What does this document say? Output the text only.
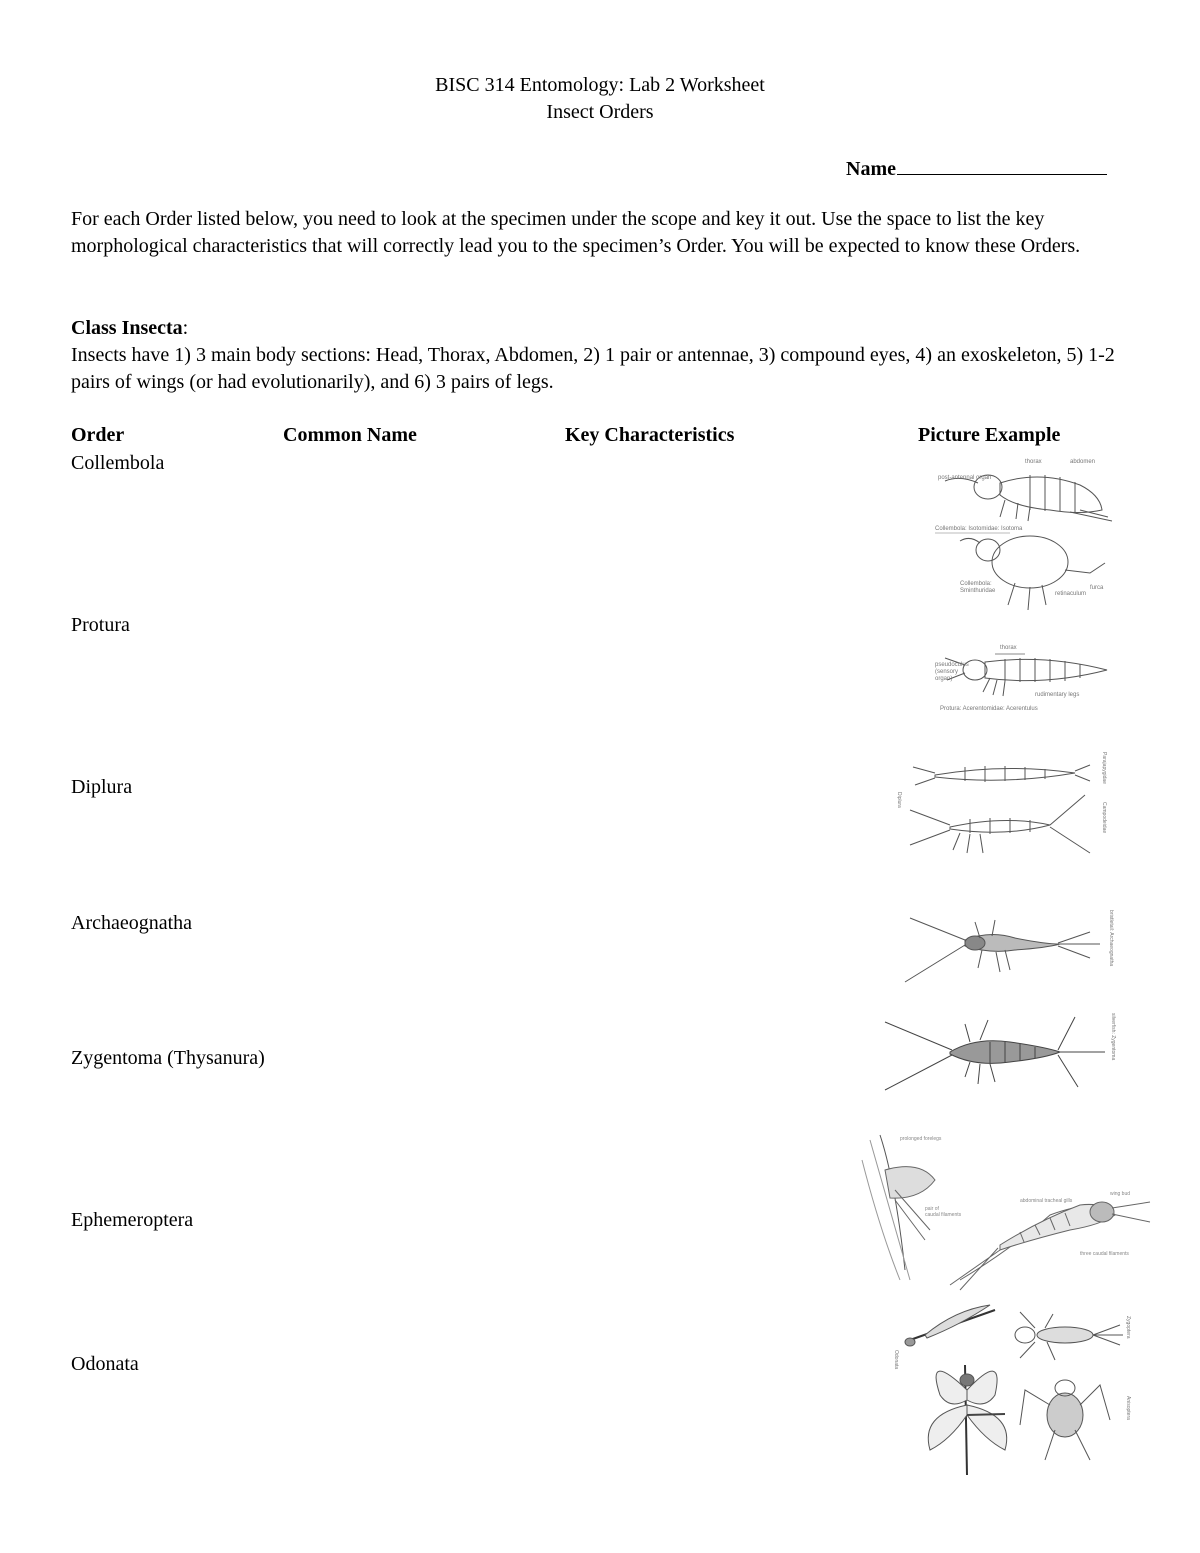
BISC 314 Entomology: Lab 2 Worksheet
Insect Orders
Name
For each Order listed below, you need to look at the specimen under the scope and key it out. Use the space to list the key morphological characteristics that will correctly lead you to the specimen’s Order. You will be expected to know these Orders.
Class Insecta:
Insects have 1) 3 main body sections: Head, Thorax, Abdomen, 2) 1 pair or antennae, 3) compound eyes, 4) an exoskeleton, 5) 1-2 pairs of wings (or had evolutionarily), and 6) 3 pairs of legs.
Order	Common Name	Key Characteristics	Picture Example
Collembola
Protura
Diplura
Archaeognatha
Zygentoma (Thysanura)
Ephemeroptera
Odonata
post-antennal organ
thorax	abdomen
Collembola: Isotomidae: Isotoma
Collembola:
Sminthuridae	retinaculum
furca
thorax
pseudoculus
(sensory
organ)
rudimentary legs
Protura: Acerentomidae: Acerentulus
Diplura
Parajapygidae
Campodeidae
bristletail: Archaeognatha
silverfish: Zygentoma
prolonged forelegs
pair of
caudal filaments
abdominal tracheal gills
wing bud
three caudal filaments
Odonata
Zygoptera
Anisoptera
